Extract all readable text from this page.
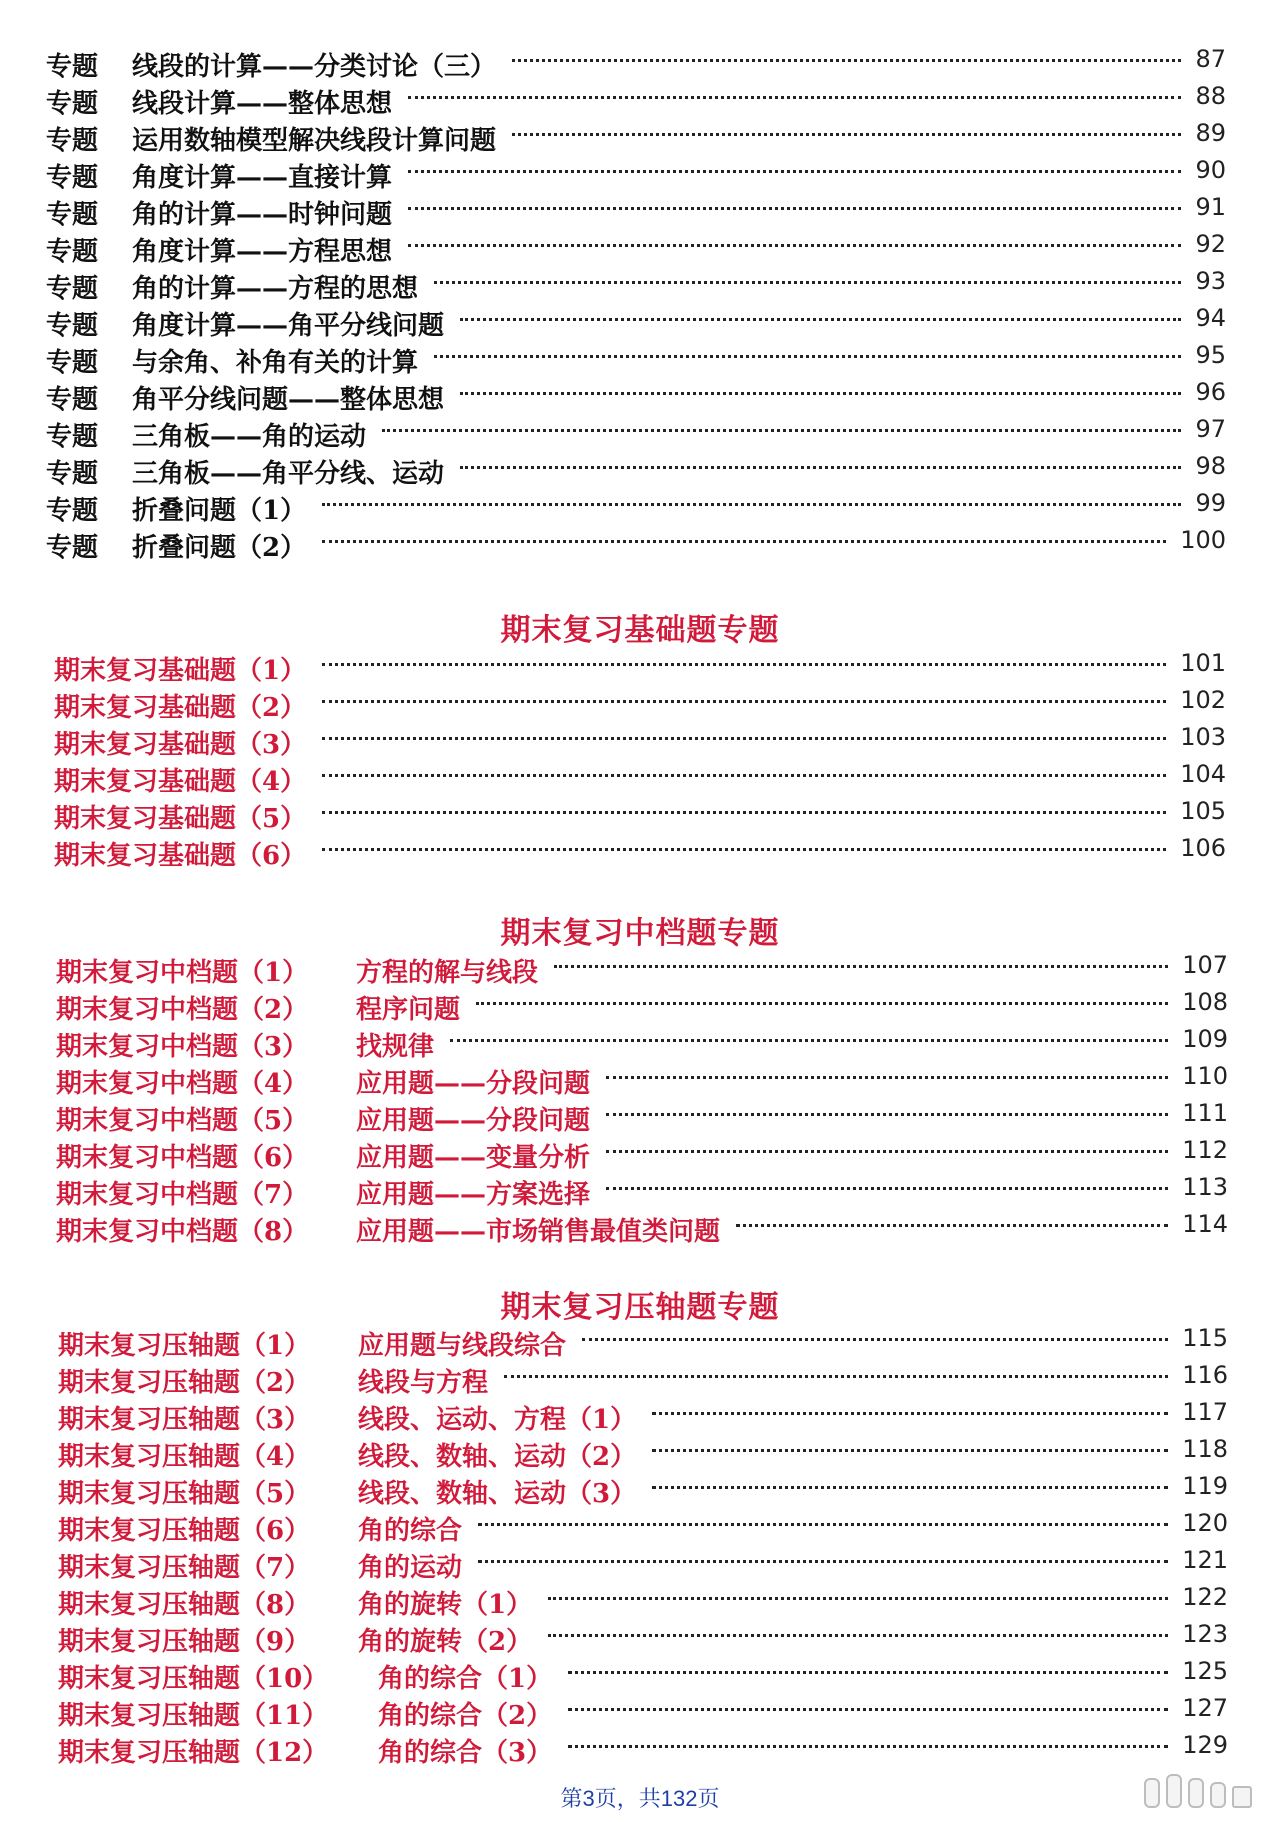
专题	线段的计算——分类讨论（三）	87
专题	线段计算——整体思想	88
专题	运用数轴模型解决线段计算问题	89
专题	角度计算——直接计算	90
专题	角的计算——时钟问题	91
专题	角度计算——方程思想	92
专题	角的计算——方程的思想	93
专题	角度计算——角平分线问题	94
专题	与余角、补角有关的计算	95
专题	角平分线问题——整体思想	96
专题	三角板——角的运动	97
专题	三角板——角平分线、运动	98
专题	折叠问题（1）	99
专题	折叠问题（2）	100
期末复习基础题专题
期末复习基础题（1）	101
期末复习基础题（2）	102
期末复习基础题（3）	103
期末复习基础题（4）	104
期末复习基础题（5）	105
期末复习基础题（6）	106
期末复习中档题专题
期末复习中档题（1）	方程的解与线段	107
期末复习中档题（2）	程序问题	108
期末复习中档题（3）	找规律	109
期末复习中档题（4）	应用题——分段问题	110
期末复习中档题（5）	应用题——分段问题	111
期末复习中档题（6）	应用题——变量分析	112
期末复习中档题（7）	应用题——方案选择	113
期末复习中档题（8）	应用题——市场销售最值类问题	114
期末复习压轴题专题
期末复习压轴题（1）	应用题与线段综合	115
期末复习压轴题（2）	线段与方程	116
期末复习压轴题（3）	线段、运动、方程（1）	117
期末复习压轴题（4）	线段、数轴、运动（2）	118
期末复习压轴题（5）	线段、数轴、运动（3）	119
期末复习压轴题（6）	角的综合	120
期末复习压轴题（7）	角的运动	121
期末复习压轴题（8）	角的旋转（1）	122
期末复习压轴题（9）	角的旋转（2）	123
期末复习压轴题（10）	角的综合（1）	125
期末复习压轴题（11）	角的综合（2）	127
期末复习压轴题（12）	角的综合（3）	129
第3页，共132页
